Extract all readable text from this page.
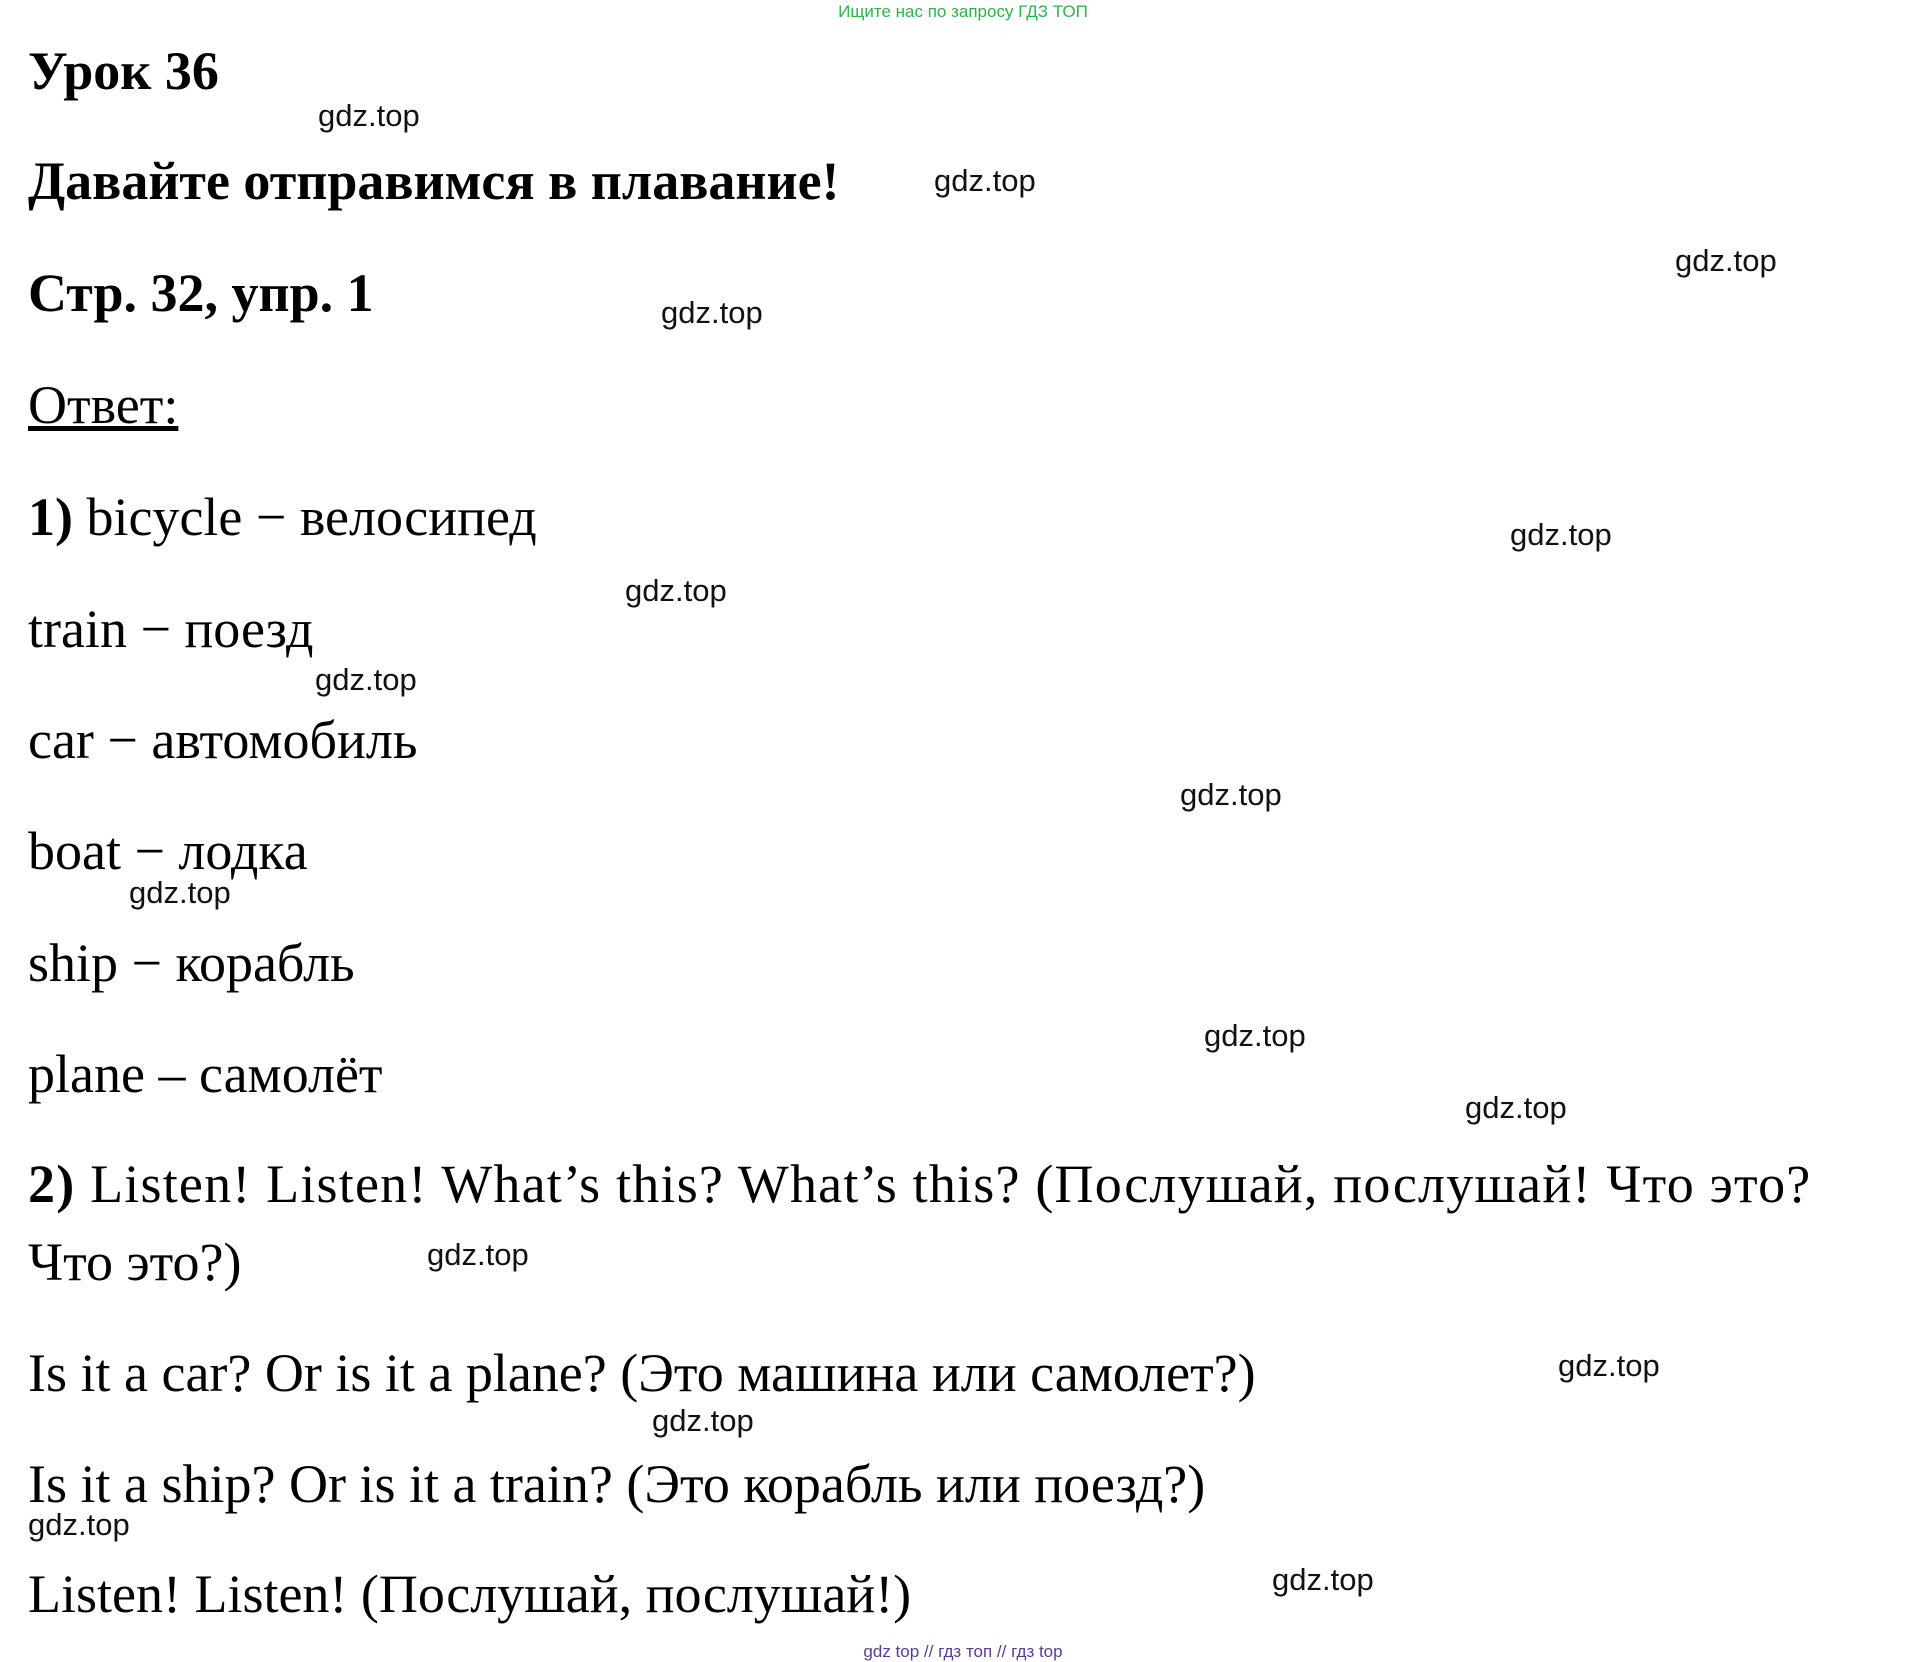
Ищите нас по запросу ГДЗ ТОП
Урок 36
Давайте отправимся в плавание!
Стр. 32, упр. 1
Ответ:
1) bicycle − велосипед
train − поезд
car − автомобиль
boat − лодка
ship − корабль
plane – самолёт
2) Listen! Listen! What’s this? What’s this? (Послушай, послушай! Что это?
Что это?)
Is it a car? Or is it a plane? (Это машина или самолет?)
Is it a ship? Or is it a train? (Это корабль или поезд?)
Listen! Listen! (Послушай, послушай!)
gdz.top
gdz.top
gdz.top
gdz.top
gdz.top
gdz.top
gdz.top
gdz.top
gdz.top
gdz.top
gdz.top
gdz.top
gdz.top
gdz.top
gdz.top
gdz.top
gdz top // гдз топ // гдз top
